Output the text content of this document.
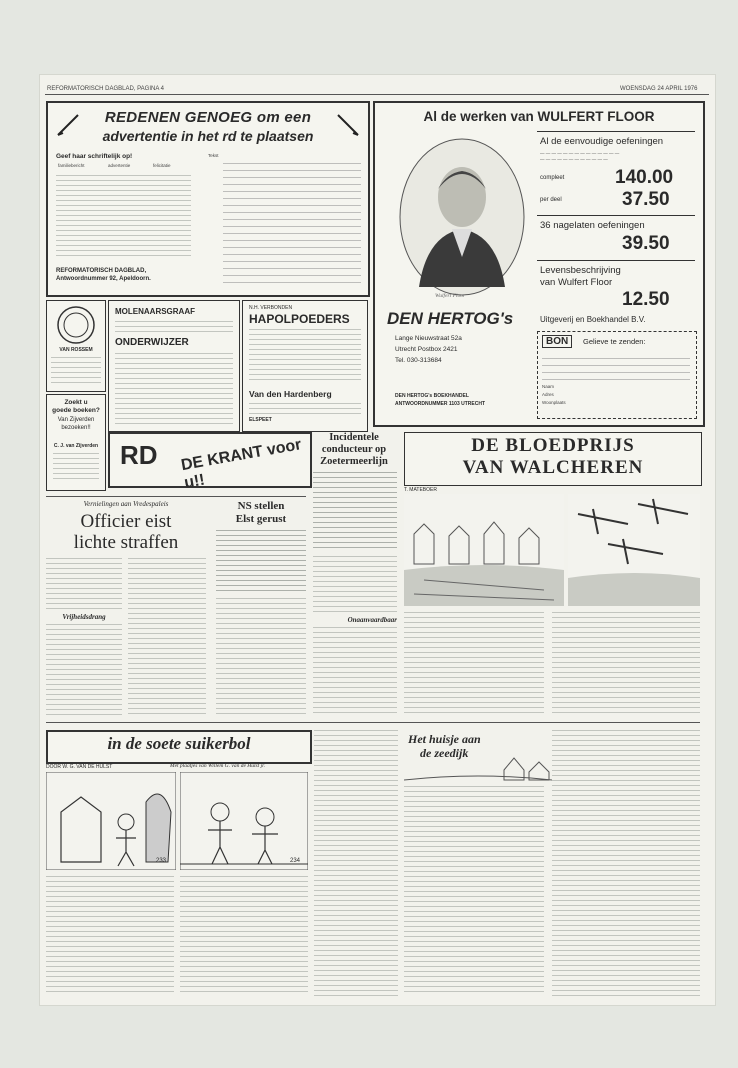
REFORMATORISCH DAGBLAD, PAGINA 4	WOENSDAG 24 APRIL 1976
REDENEN GENOEG om een
advertentie in het rd te plaatsen
Geef haar schriftelijk op!
familiebericht	advertentie	felicitatie
Tekst
REFORMATORISCH DAGBLAD,
Antwoordnummer 92, Apeldoorn.
Al de werken van WULFERT FLOOR
Al de eenvoudige oefeningen
Wulfert Floor
— — — — — — — — — — — — — —
— — — — — — — — — — — —
compleet	140.00
per deel	37.50
36 nagelaten oefeningen
39.50
Levensbeschrijving
van Wulfert Floor
12.50
DEN HERTOG's	Uitgeverij en Boekhandel B.V.
Lange Nieuwstraat 52a
Utrecht Postbox 2421
Tel. 030-313684
DEN HERTOG's BOEKHANDEL
ANTWOORDNUMMER 1103 UTRECHT
BON	Gelieve te zenden:
Naam
Adres
Woonplaats
VAN ROSSEM
MOLENAARSGRAAF
ONDERWIJZER
N.H. VERBONDEN
HAPOLPOEDERS
Van den Hardenberg
ELSPEET
Zoekt u
goede boeken?
Van Zijverden
bezoeken!!
C. J. van Zijverden RD DE KRANT voor u!!
Incidentele
conducteur op
Zoetermeerlijn
Onaanvaardbaar
DE BLOEDPRIJS
VAN WALCHEREN
T. MATEBOER
Vernielingen aan Vredespaleis
Officier eist
lichte straffen
Vrijheidsdrang
NS stellen
Elst gerust
in de soete suikerbol
DOOR W. G. VAN DE HULST	Met plaatjes van Willem G. van de Hulst jr.
233	234
Het huisje aan
de zeedijk
